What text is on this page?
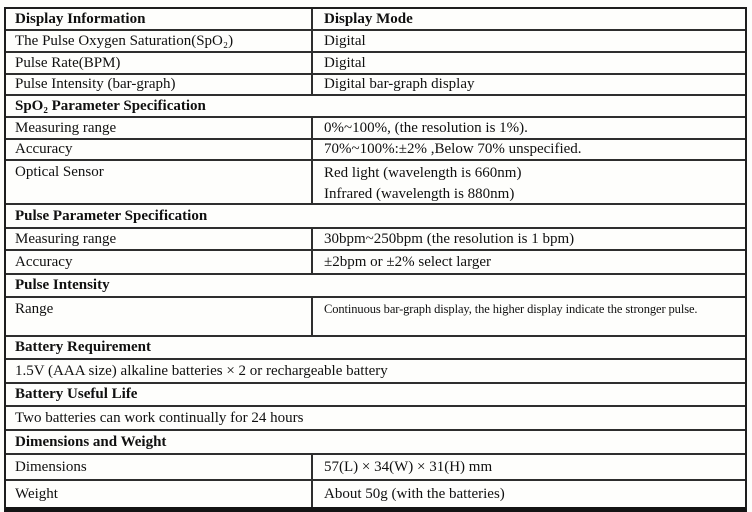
Display Information	Display Mode
The Pulse Oxygen Saturation(SpO₂)	Digital
Pulse Rate(BPM)	Digital
Pulse Intensity (bar-graph)	Digital bar-graph display
SpO₂ Parameter Specification
Measuring range	0%~100%, (the resolution is 1%).
Accuracy	70%~100%:±2% ,Below 70% unspecified.
Optical Sensor	Red light (wavelength is 660nm)
Infrared (wavelength is 880nm)
Pulse Parameter Specification
Measuring range	30bpm~250bpm (the resolution is 1 bpm)
Accuracy	±2bpm or ±2% select larger
Pulse Intensity
Range	Continuous bar-graph display, the higher display indicate the stronger pulse.
Battery Requirement
1.5V (AAA size) alkaline batteries × 2 or rechargeable battery
Battery Useful Life
Two batteries can work continually for 24 hours
Dimensions and Weight
Dimensions	57(L) × 34(W) × 31(H) mm
Weight	About 50g (with the batteries)
